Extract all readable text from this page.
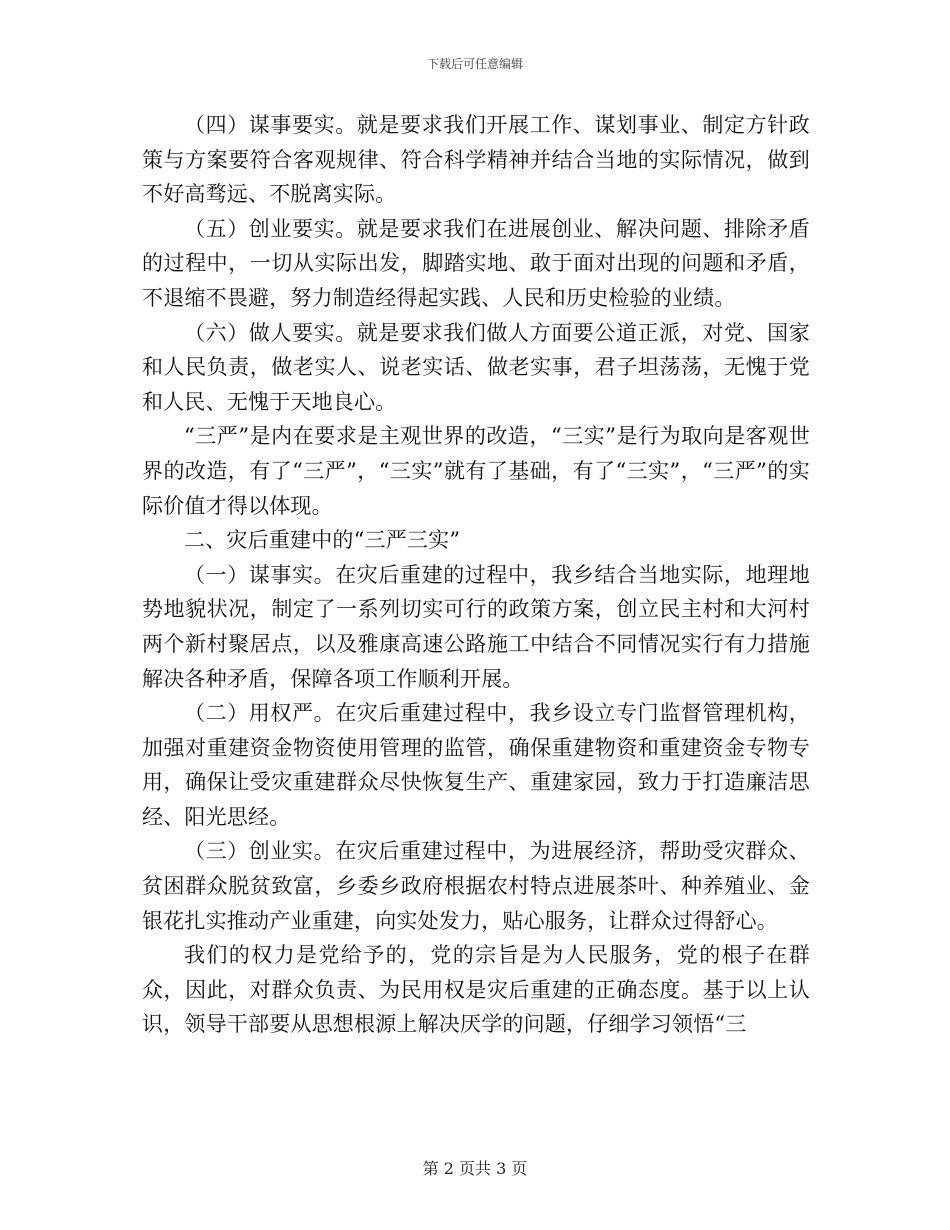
下载后可任意编辑

（四）谋事要实。就是要求我们开展工作、谋划事业、制定方针政策与方案要符合客观规律、符合科学精神并结合当地的实际情况，做到不好高骛远、不脱离实际。

（五）创业要实。就是要求我们在进展创业、解决问题、排除矛盾的过程中，一切从实际出发，脚踏实地、敢于面对出现的问题和矛盾，不退缩不畏避，努力制造经得起实践、人民和历史检验的业绩。

（六）做人要实。就是要求我们做人方面要公道正派，对党、国家和人民负责，做老实人、说老实话、做老实事，君子坦荡荡，无愧于党和人民、无愧于天地良心。

“三严”是内在要求是主观世界的改造，“三实”是行为取向是客观世界的改造，有了“三严”，“三实”就有了基础，有了“三实”，“三严”的实际价值才得以体现。

二、灾后重建中的“三严三实”

（一）谋事实。在灾后重建的过程中，我乡结合当地实际，地理地势地貌状况，制定了一系列切实可行的政策方案，创立民主村和大河村两个新村聚居点，以及雅康高速公路施工中结合不同情况实行有力措施解决各种矛盾，保障各项工作顺利开展。

（二）用权严。在灾后重建过程中，我乡设立专门监督管理机构，加强对重建资金物资使用管理的监管，确保重建物资和重建资金专物专用，确保让受灾重建群众尽快恢复生产、重建家园，致力于打造廉洁思经、阳光思经。

（三）创业实。在灾后重建过程中，为进展经济，帮助受灾群众、贫困群众脱贫致富，乡委乡政府根据农村特点进展茶叶、种养殖业、金银花扎实推动产业重建，向实处发力，贴心服务，让群众过得舒心。

我们的权力是党给予的，党的宗旨是为人民服务，党的根子在群众，因此，对群众负责、为民用权是灾后重建的正确态度。基于以上认识，领导干部要从思想根源上解决厌学的问题，仔细学习领悟“三

第 2 页共 3 页
